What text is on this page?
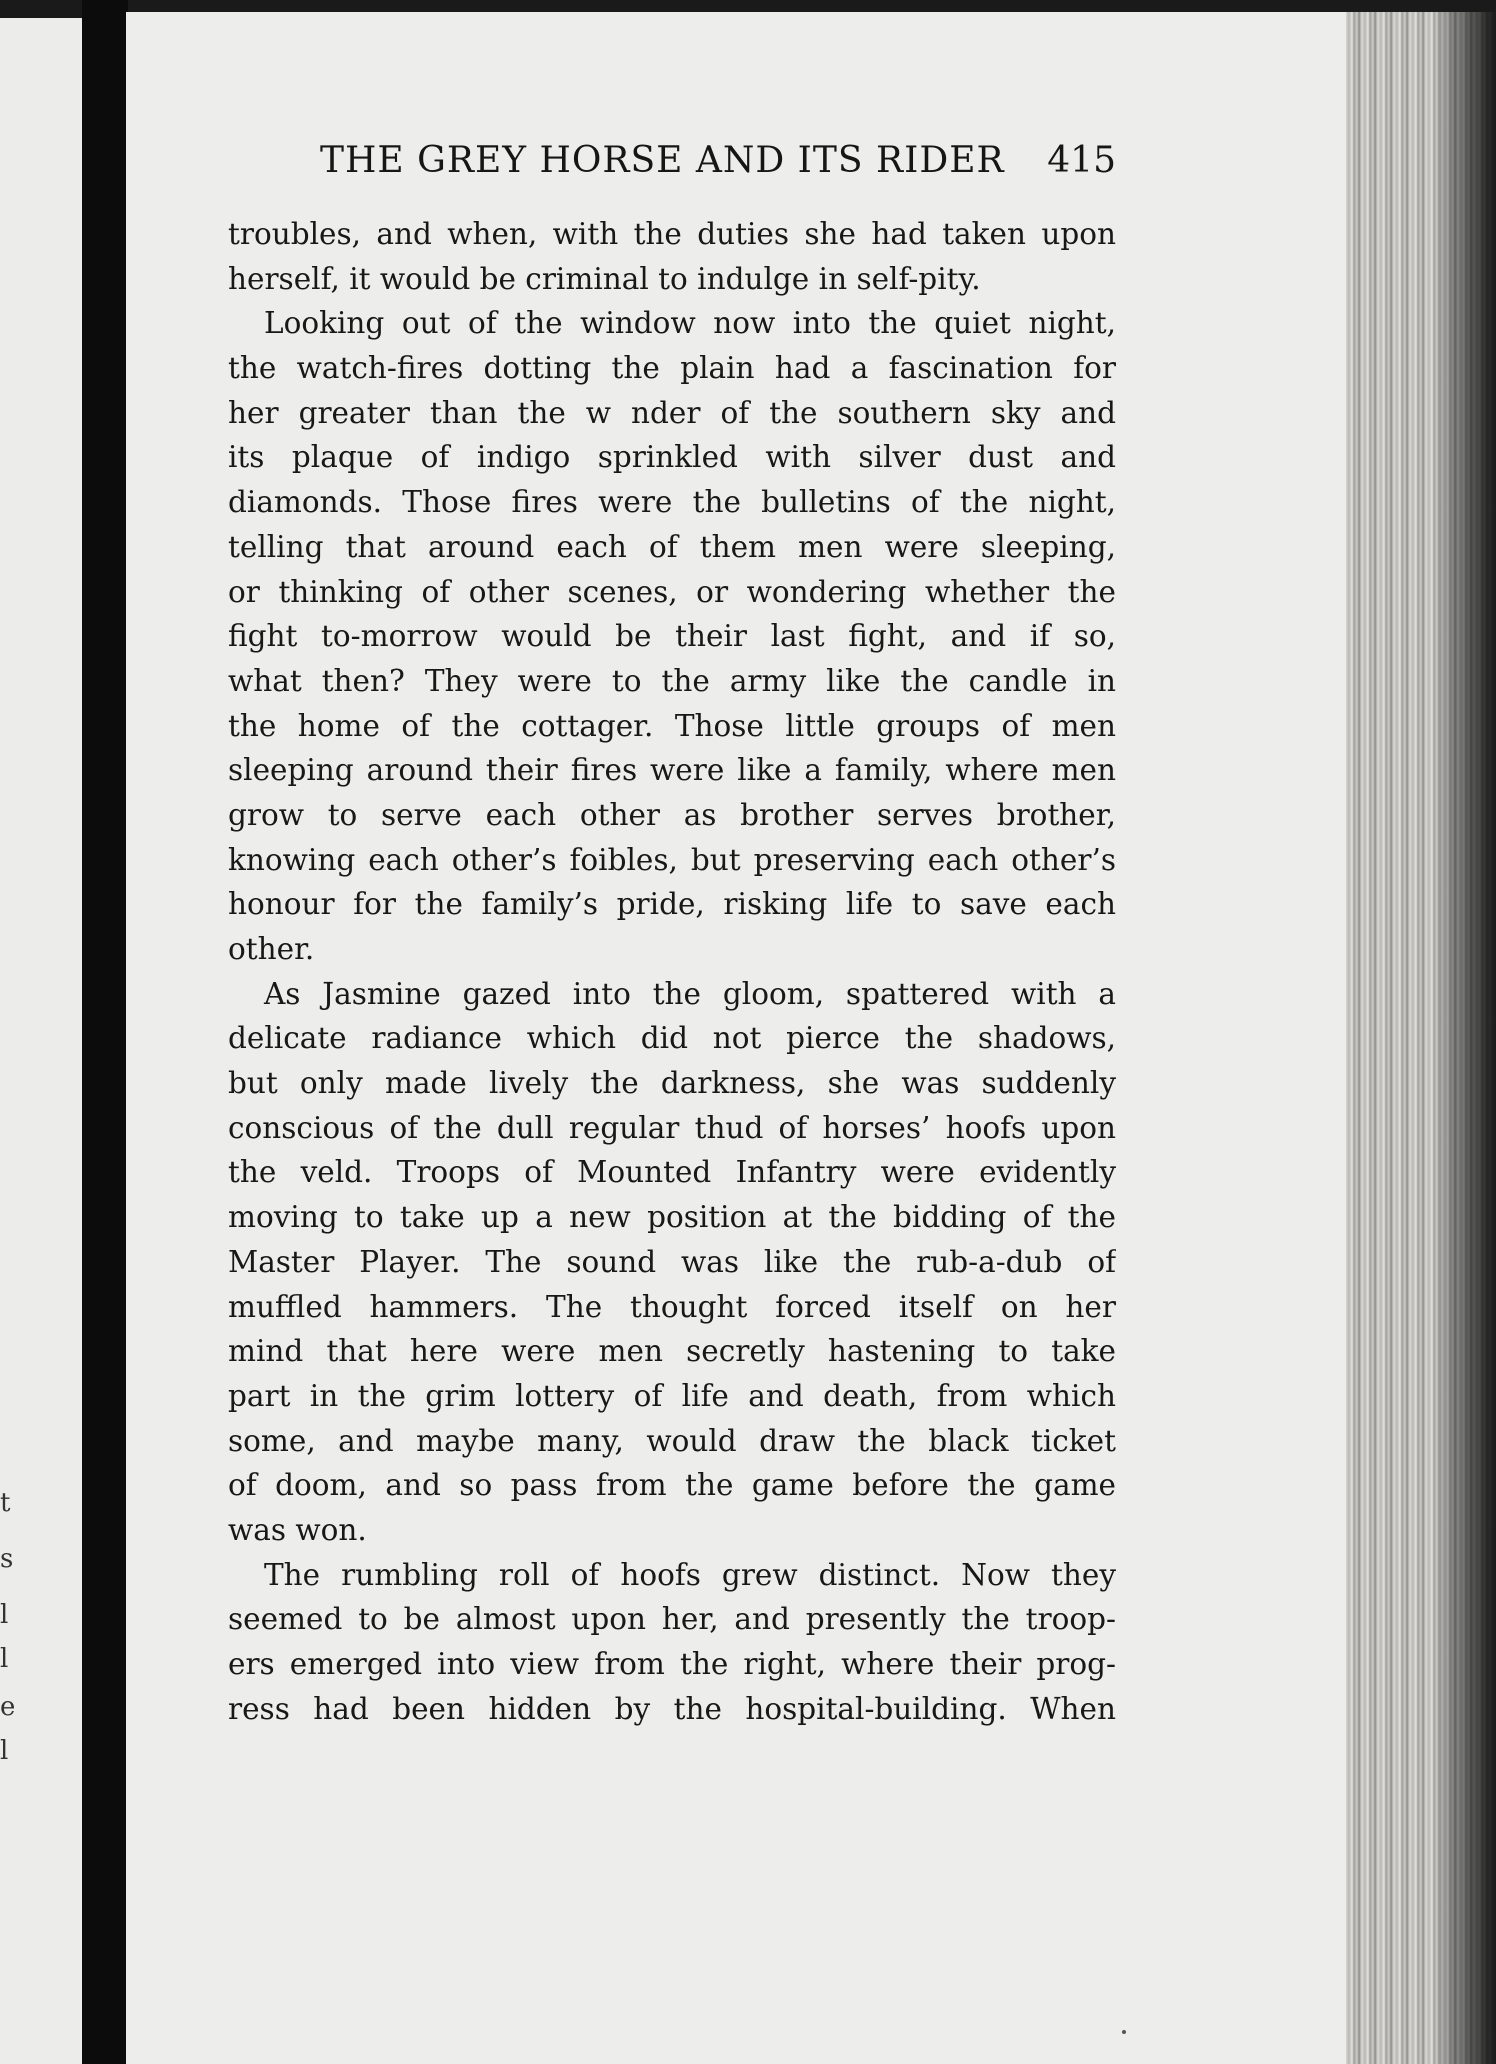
t
s
l
l
e
l
THE GREY HORSE AND ITS RIDER 415
troubles, and when, with the duties she had taken upon
herself, it would be criminal to indulge in self-pity.
Looking out of the window now into the quiet night,
the watch-fires dotting the plain had a fascination for
her greater than the w nder of the southern sky and
its plaque of indigo sprinkled with silver dust and
diamonds. Those fires were the bulletins of the night,
telling that around each of them men were sleeping,
or thinking of other scenes, or wondering whether the
fight to-morrow would be their last fight, and if so,
what then? They were to the army like the candle in
the home of the cottager. Those little groups of men
sleeping around their fires were like a family, where men
grow to serve each other as brother serves brother,
knowing each other’s foibles, but preserving each other’s
honour for the family’s pride, risking life to save each
other.
As Jasmine gazed into the gloom, spattered with a
delicate radiance which did not pierce the shadows,
but only made lively the darkness, she was suddenly
conscious of the dull regular thud of horses’ hoofs upon
the veld. Troops of Mounted Infantry were evidently
moving to take up a new position at the bidding of the
Master Player. The sound was like the rub-a-dub of
muffled hammers. The thought forced itself on her
mind that here were men secretly hastening to take
part in the grim lottery of life and death, from which
some, and maybe many, would draw the black ticket
of doom, and so pass from the game before the game
was won.
The rumbling roll of hoofs grew distinct. Now they
seemed to be almost upon her, and presently the troop-
ers emerged into view from the right, where their prog-
ress had been hidden by the hospital-building. When
